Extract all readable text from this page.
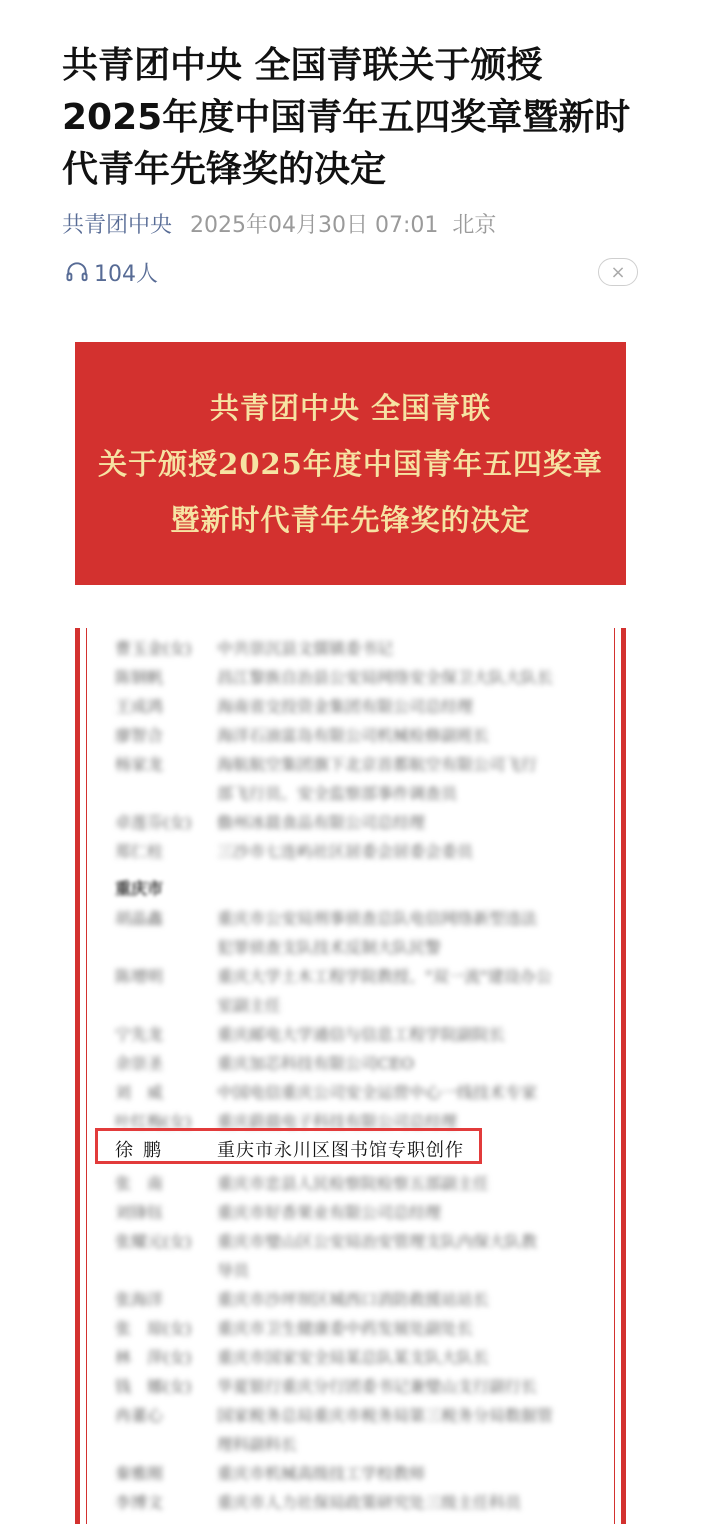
共青团中央 全国青联关于颁授
2025年度中国青年五四奖章暨新时
代青年先锋奖的决定
共青团中央 2025年04月30日 07:01 北京
104人	×
共青团中央 全国青联
关于颁授2025年度中国青年五四奖章
暨新时代青年先锋奖的决定
曹玉金(女)	中共崇沉县文儒镇委书记
陈钢帆	昌江黎族自治县公安局网络安全保卫大队大队长
王成鸿	海南省交投资金集团有限公司总经理
廖智合	海洋石油富岛有限公司机械检修副班长
杨家龙	海航航空集团旗下北京首都航空有限公司飞行
部飞行员、安全监察部事件调查员
卓莲芬(女)	儋州冰晨食品有限公司总经理
郑仁柱	三沙市七连屿社区居委会居委会委员
重庆市
胡晶鑫	重庆市公安局刑事侦查总队电信网络新型违法
犯罪侦查支队技术反制大队民警
陈增明	重庆大学土木工程学院教授、"双一流"建设办公
室副主任
宁先龙	重庆邮电大学通信与信息工程学院副院长
余崇圣	重庆加芯科技有限公司CEO
刘　威	中国电信重庆公司安全运营中心一线技术专家
叶红梅(女)	重庆蔚晨电子科技有限公司总经理
张　南	重庆市忠县人民检察院检察五部副主任
刘锋钰	重庆市好香果业有限公司总经理
张耀元(女)	重庆市璧山区公安局治安管理支队内保大队教
导员
张海洋	重庆市沙坪坝区城西口消防救援站站长
张　琼(女)	重庆市卫生健康委中药发展处副处长
林　萍(女)	重庆市国家安全局某总队某支队大队长
钱　娜(女)	华夏银行重庆分行团委书记兼璧山支行副行长
冉董心	国家税务总局重庆市税务局第三税务分局数据管
理科副科长
秦雅刚	重庆市机械高级技工学校教师
李博文	重庆市人力社保局政策研究处三级主任科员
徐鹏	重庆市永川区图书馆专职创作
